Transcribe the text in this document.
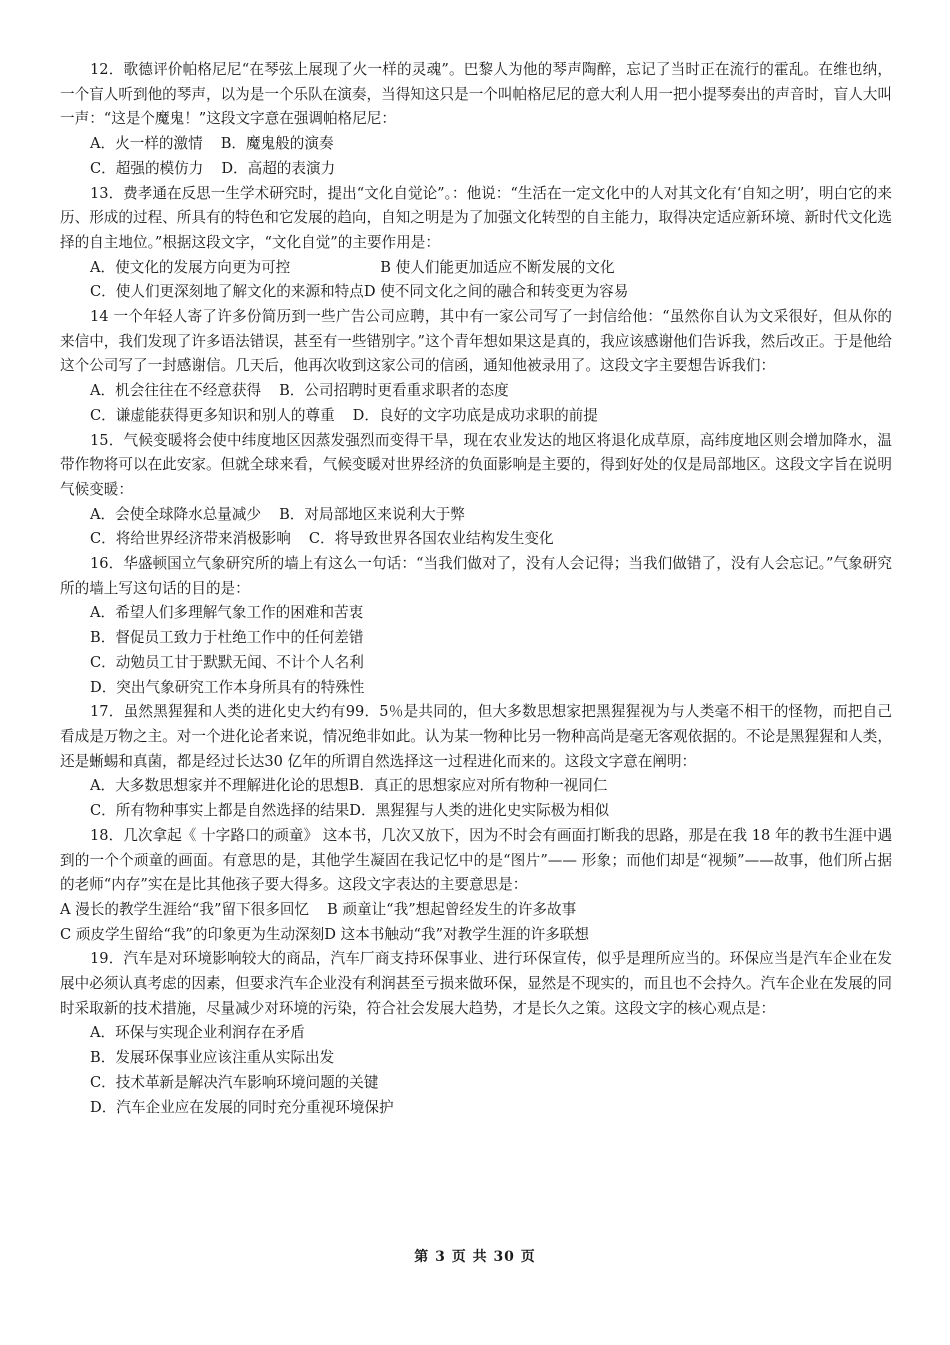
12．歌德评价帕格尼尼“在琴弦上展现了火一样的灵魂”。巴黎人为他的琴声陶醉，忘记了当时正在流行的霍乱。在维也纳，一个盲人听到他的琴声，以为是一个乐队在演奏，当得知这只是一个叫帕格尼尼的意大利人用一把小提琴奏出的声音时，盲人大叫一声：“这是个魔鬼！”这段文字意在强调帕格尼尼：

A．火一样的激情 B．魔鬼般的演奏

C．超强的模仿力 D．高超的表演力

13．费孝通在反思一生学术研究时，提出“文化自觉论”。：他说：“生活在一定文化中的人对其文化有‘自知之明’，明白它的来历、形成的过程、所具有的特色和它发展的趋向，自知之明是为了加强文化转型的自主能力，取得决定适应新环境、新时代文化选择的自主地位。”根据这段文字，“文化自觉”的主要作用是：

A．使文化的发展方向更为可控	B 使人们能更加适应不断发展的文化

C．使人们更深刻地了解文化的来源和特点D 使不同文化之间的融合和转变更为容易

14 一个年轻人寄了许多份简历到一些广告公司应聘，其中有一家公司写了一封信给他：“虽然你自认为文采很好，但从你的来信中，我们发现了许多语法错误，甚至有一些错别字。”这个青年想如果这是真的，我应该感谢他们告诉我，然后改正。于是他给这个公司写了一封感谢信。几天后，他再次收到这家公司的信函，通知他被录用了。这段文字主要想告诉我们：

A．机会往往在不经意获得 B．公司招聘时更看重求职者的态度

C．谦虚能获得更多知识和别人的尊重 D．良好的文字功底是成功求职的前提

15．气候变暖将会使中纬度地区因蒸发强烈而变得干旱，现在农业发达的地区将退化成草原，高纬度地区则会增加降水，温带作物将可以在此安家。但就全球来看，气候变暖对世界经济的负面影响是主要的，得到好处的仅是局部地区。这段文字旨在说明气候变暖：

A．会使全球降水总量减少 B．对局部地区来说利大于弊

C．将给世界经济带来消极影响 C．将导致世界各国农业结构发生变化

16．华盛顿国立气象研究所的墙上有这么一句话：“当我们做对了，没有人会记得；当我们做错了，没有人会忘记。”气象研究所的墙上写这句话的目的是：

A．希望人们多理解气象工作的困难和苦衷

B．督促员工致力于杜绝工作中的任何差错

C．动勉员工甘于默默无闻、不计个人名利

D．突出气象研究工作本身所具有的特殊性

17．虽然黑猩猩和人类的进化史大约有99．5％是共同的，但大多数思想家把黑猩猩视为与人类毫不相干的怪物，而把自己看成是万物之主。对一个进化论者来说，情况绝非如此。认为某一物种比另一物种高尚是毫无客观依据的。不论是黑猩猩和人类，还是蜥蜴和真菌，都是经过长达30 亿年的所谓自然选择这一过程进化而来的。这段文字意在阐明：

A．大多数思想家并不理解进化论的思想B．真正的思想家应对所有物种一视同仁

C．所有物种事实上都是自然选择的结果D．黑猩猩与人类的进化史实际极为相似

18．几次拿起《 十字路口的顽童》 这本书，几次又放下，因为不时会有画面打断我的思路，那是在我 18 年的教书生涯中遇到的一个个顽童的画面。有意思的是，其他学生凝固在我记忆中的是“图片”—— 形象；而他们却是“视频”——故事，他们所占据的老师“内存”实在是比其他孩子要大得多。这段文字表达的主要意思是：

A 漫长的教学生涯给“我”留下很多回忆 B 顽童让“我”想起曾经发生的许多故事

C 顽皮学生留给“我”的印象更为生动深刻D 这本书触动“我”对教学生涯的许多联想

19．汽车是对环境影响较大的商品，汽车厂商支持环保事业、进行环保宣传，似乎是理所应当的。环保应当是汽车企业在发展中必须认真考虑的因素，但要求汽车企业没有利润甚至亏损来做环保，显然是不现实的，而且也不会持久。汽车企业在发展的同时采取新的技术措施，尽量减少对环境的污染，符合社会发展大趋势，才是长久之策。这段文字的核心观点是：

A．环保与实现企业利润存在矛盾

B．发展环保事业应该注重从实际出发

C．技术革新是解决汽车影响环境问题的关键

D．汽车企业应在发展的同时充分重视环境保护

第 3 页 共 30 页
